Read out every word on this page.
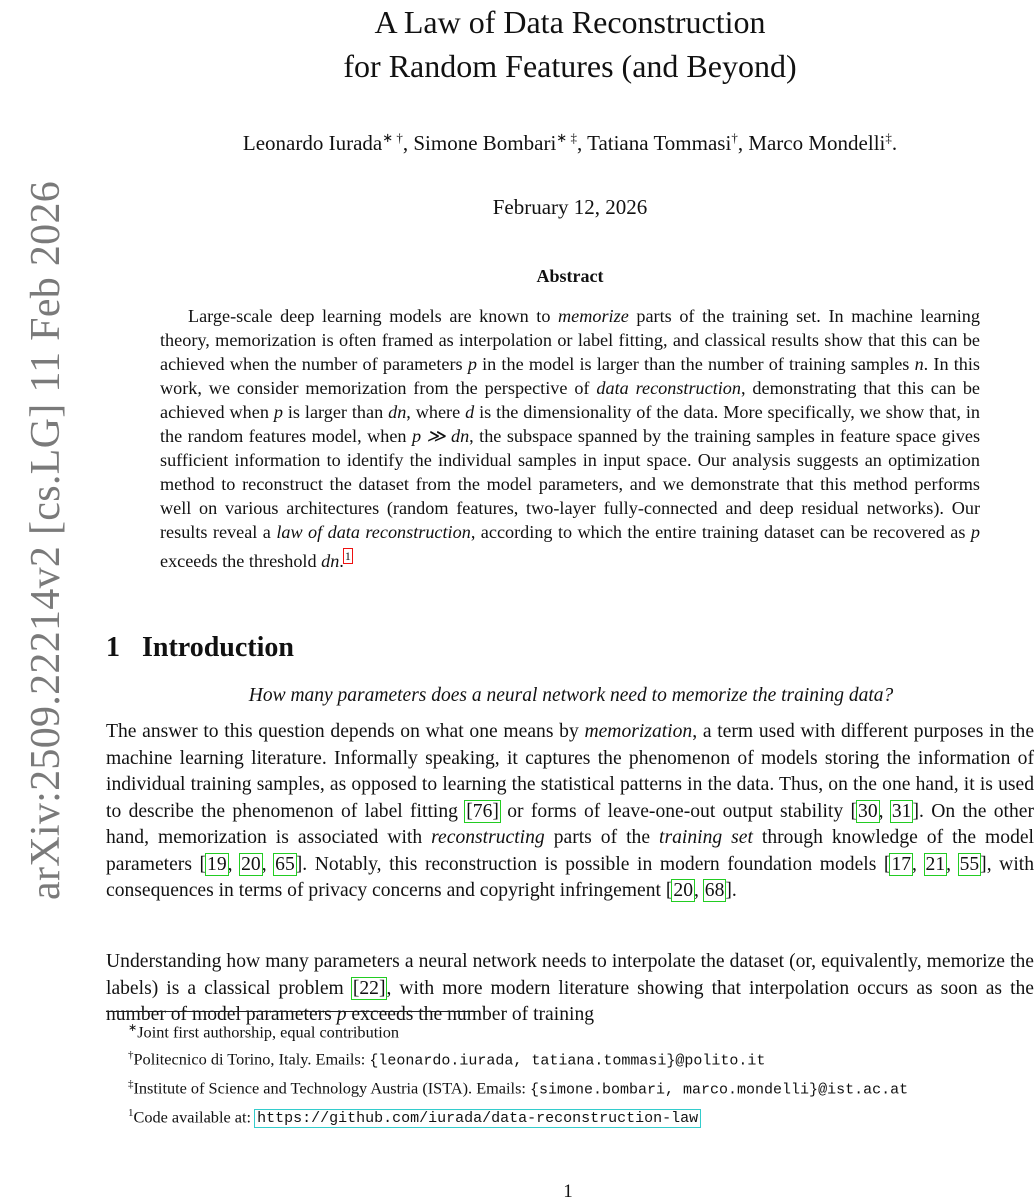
arXiv:2509.22214v2 [cs.LG] 11 Feb 2026
A Law of Data Reconstruction
for Random Features (and Beyond)
Leonardo Iurada∗ †, Simone Bombari∗ ‡, Tatiana Tommasi†, Marco Mondelli‡.
February 12, 2026
Abstract

Large-scale deep learning models are known to memorize parts of the training set. In machine learning theory, memorization is often framed as interpolation or label fitting, and classical results show that this can be achieved when the number of parameters p in the model is larger than the number of training samples n. In this work, we consider memorization from the perspective of data reconstruction, demonstrating that this can be achieved when p is larger than dn, where d is the dimensionality of the data. More specifically, we show that, in the random features model, when p ≫ dn, the subspace spanned by the training samples in feature space gives sufficient information to identify the individual samples in input space. Our analysis suggests an optimization method to reconstruct the dataset from the model parameters, and we demonstrate that this method performs well on various architectures (random features, two-layer fully-connected and deep residual networks). Our results reveal a law of data reconstruction, according to which the entire training dataset can be recovered as p exceeds the threshold dn.$^1$

1 Introduction
How many parameters does a neural network need to memorize the training data?

The answer to this question depends on what one means by memorization, a term used with different purposes in the machine learning literature. Informally speaking, it captures the phenomenon of models storing the information of individual training samples, as opposed to learning the statistical patterns in the data. Thus, on the one hand, it is used to describe the phenomenon of label fitting [76] or forms of leave-one-out output stability [30, 31]. On the other hand, memorization is associated with reconstructing parts of the training set through knowledge of the model parameters [19, 20, 65]. Notably, this reconstruction is possible in modern foundation models [17, 21, 55], with consequences in terms of privacy concerns and copyright infringement [20, 68].

Understanding how many parameters a neural network needs to interpolate the dataset (or, equivalently, memorize the labels) is a classical problem [22], with more modern literature showing that interpolation occurs as soon as the number of model parameters p exceeds the number of training

∗Joint first authorship, equal contribution
†Politecnico di Torino, Italy. Emails: {leonardo.iurada, tatiana.tommasi}@polito.it
‡Institute of Science and Technology Austria (ISTA). Emails: {simone.bombari, marco.mondelli}@ist.ac.at
$^1$Code available at: https://github.com/iurada/data-reconstruction-law
1
